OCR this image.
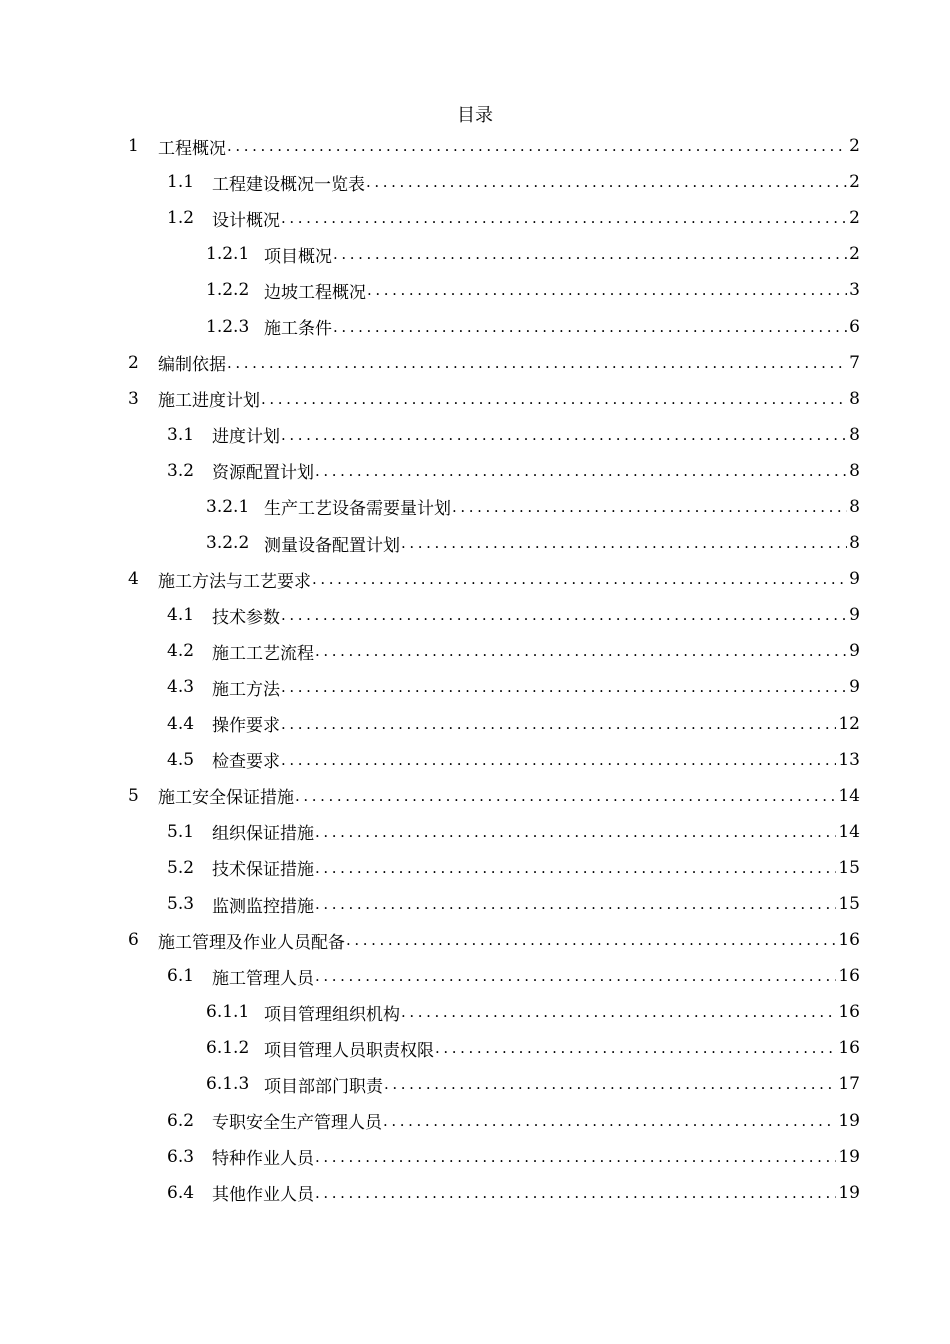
目录
1	工程概况 .....	2
1.1	工程建设概况一览表 .....	2
1.2	设计概况 .....	2
1.2.1 项目概况 .....	2
1.2.2 边坡工程概况 .....	3
1.2.3 施工条件 .....	6
2	编制依据 .....	7
3	施工进度计划 .....	8
3.1	进度计划 .....	8
3.2	资源配置计划 .....	8
3.2.1 生产工艺设备需要量计划 .....	8
3.2.2 测量设备配置计划 .....	8
4	施工方法与工艺要求 .....	9
4.1	技术参数 .....	9
4.2	施工工艺流程 .....	9
4.3	施工方法 .....	9
4.4	操作要求 .....	12
4.5	检查要求 .....	13
5	施工安全保证措施 .....	14
5.1	组织保证措施 .....	14
5.2	技术保证措施 .....	15
5.3	监测监控措施 .....	15
6	施工管理及作业人员配备 .....	16
6.1	施工管理人员 .....	16
6.1.1 项目管理组织机构 .....	16
6.1.2 项目管理人员职责权限 .....	16
6.1.3 项目部部门职责 .....	17
6.2	专职安全生产管理人员 .....	19
6.3	特种作业人员 .....	19
6.4	其他作业人员 .....	19
